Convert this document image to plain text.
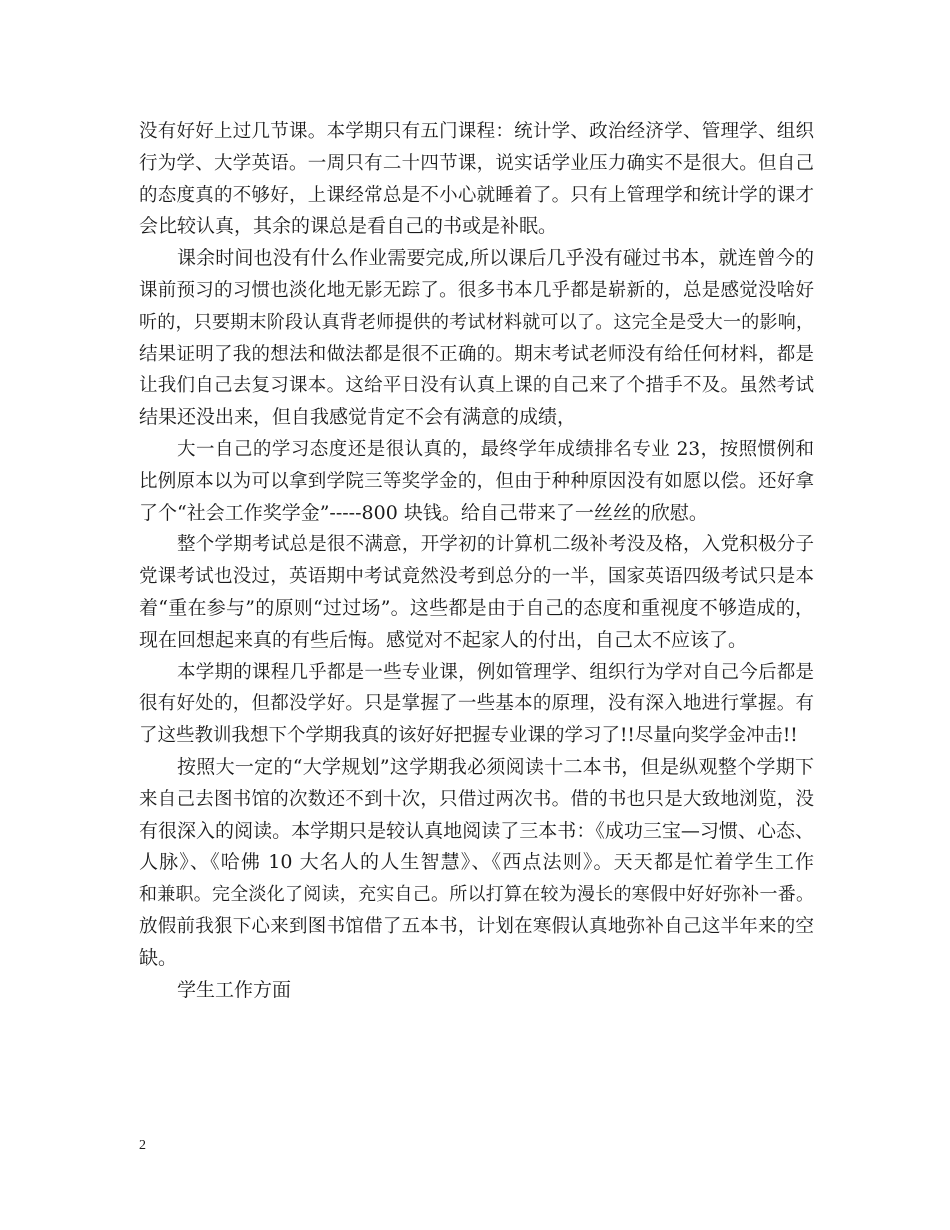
没有好好上过几节课。本学期只有五门课程：统计学、政治经济学、管理学、组织
行为学、大学英语。一周只有二十四节课，说实话学业压力确实不是很大。但自己
的态度真的不够好，上课经常总是不小心就睡着了。只有上管理学和统计学的课才
会比较认真，其余的课总是看自己的书或是补眠。
课余时间也没有什么作业需要完成,所以课后几乎没有碰过书本，就连曾今的
课前预习的习惯也淡化地无影无踪了。很多书本几乎都是崭新的，总是感觉没啥好
听的，只要期末阶段认真背老师提供的考试材料就可以了。这完全是受大一的影响，
结果证明了我的想法和做法都是很不正确的。期末考试老师没有给任何材料，都是
让我们自己去复习课本。这给平日没有认真上课的自己来了个措手不及。虽然考试
结果还没出来，但自我感觉肯定不会有满意的成绩，
大一自己的学习态度还是很认真的，最终学年成绩排名专业 23，按照惯例和
比例原本以为可以拿到学院三等奖学金的，但由于种种原因没有如愿以偿。还好拿
了个“社会工作奖学金”-----800 块钱。给自己带来了一丝丝的欣慰。
整个学期考试总是很不满意，开学初的计算机二级补考没及格，入党积极分子
党课考试也没过，英语期中考试竟然没考到总分的一半，国家英语四级考试只是本
着“重在参与”的原则“过过场”。这些都是由于自己的态度和重视度不够造成的，
现在回想起来真的有些后悔。感觉对不起家人的付出，自己太不应该了。
本学期的课程几乎都是一些专业课，例如管理学、组织行为学对自己今后都是
很有好处的，但都没学好。只是掌握了一些基本的原理，没有深入地进行掌握。有
了这些教训我想下个学期我真的该好好把握专业课的学习了!!尽量向奖学金冲击!!
按照大一定的“大学规划”这学期我必须阅读十二本书，但是纵观整个学期下
来自己去图书馆的次数还不到十次，只借过两次书。借的书也只是大致地浏览，没
有很深入的阅读。本学期只是较认真地阅读了三本书：《成功三宝—习惯、心态、
人脉》、《哈佛 10 大名人的人生智慧》、《西点法则》。天天都是忙着学生工作
和兼职。完全淡化了阅读，充实自己。所以打算在较为漫长的寒假中好好弥补一番。
放假前我狠下心来到图书馆借了五本书，计划在寒假认真地弥补自己这半年来的空
缺。
学生工作方面
2
